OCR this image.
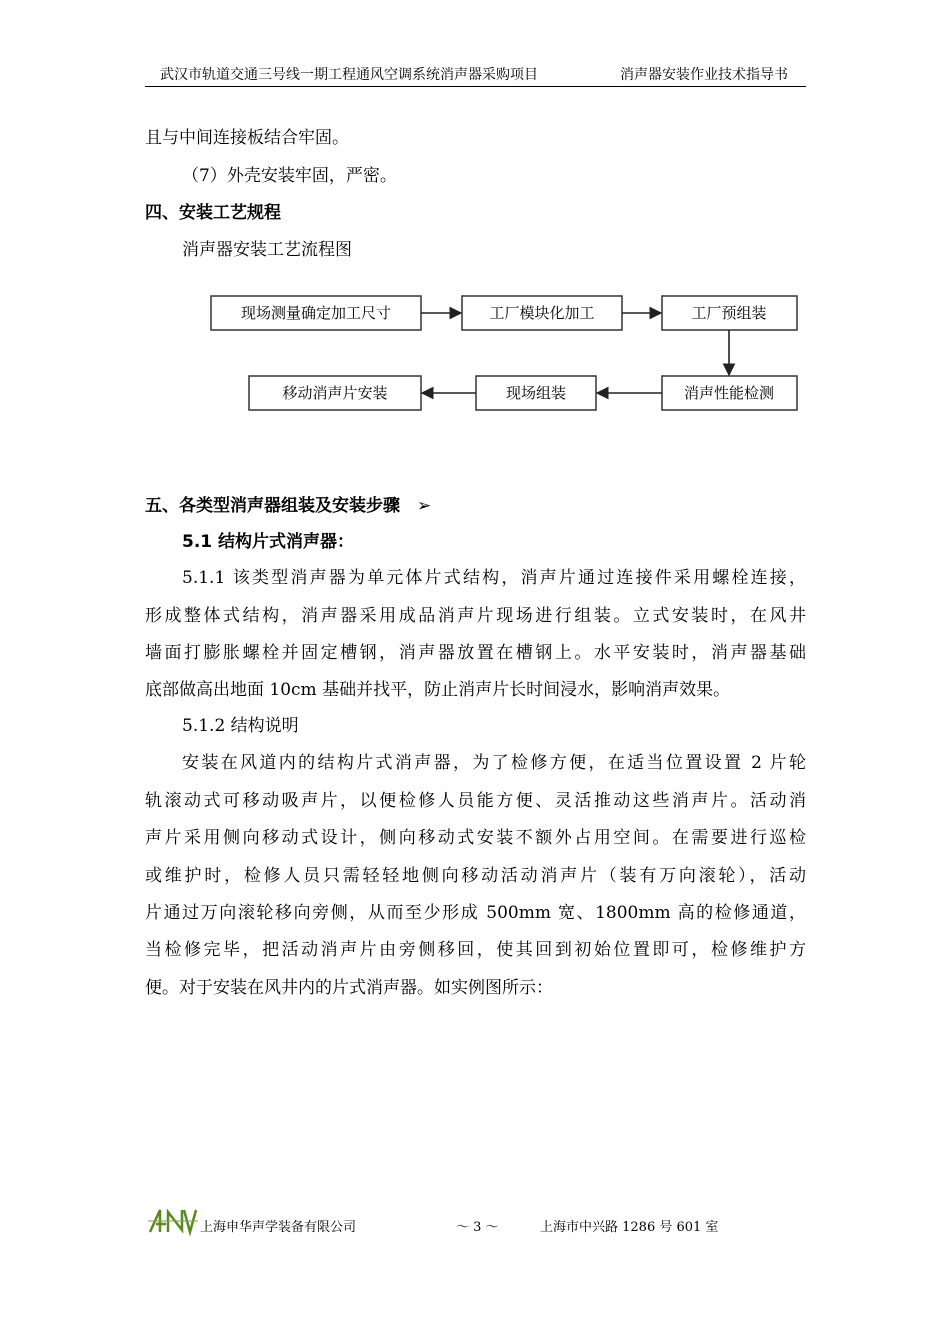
武汉市轨道交通三号线一期工程通风空调系统消声器采购项目	消声器安装作业技术指导书
且与中间连接板结合牢固。
（7）外壳安装牢固，严密。
四、安装工艺规程
消声器安装工艺流程图
现场测量确定加工尺寸	工厂模块化加工	工厂预组装
消声性能检测
现场组装
移动消声片安装
五、各类型消声器组装及安装步骤　➢
5.1 结构片式消声器：
5.1.1 该类型消声器为单元体片式结构，消声片通过连接件采用螺栓连接，
形成整体式结构，消声器采用成品消声片现场进行组装。立式安装时，在风井
墙面打膨胀螺栓并固定槽钢，消声器放置在槽钢上。水平安装时，消声器基础
底部做高出地面 10cm 基础并找平，防止消声片长时间浸水，影响消声效果。
5.1.2 结构说明
安装在风道内的结构片式消声器，为了检修方便，在适当位置设置 2 片轮
轨滚动式可移动吸声片，以便检修人员能方便、灵活推动这些消声片。活动消
声片采用侧向移动式设计，侧向移动式安装不额外占用空间。在需要进行巡检
或维护时，检修人员只需轻轻地侧向移动活动消声片（装有万向滚轮），活动
片通过万向滚轮移向旁侧，从而至少形成 500mm 宽、1800mm 高的检修通道，
当检修完毕，把活动消声片由旁侧移回，使其回到初始位置即可，检修维护方
便。对于安装在风井内的片式消声器。如实例图所示：
上海申华声学装备有限公司	～ 3 ～	上海市中兴路 1286 号 601 室
